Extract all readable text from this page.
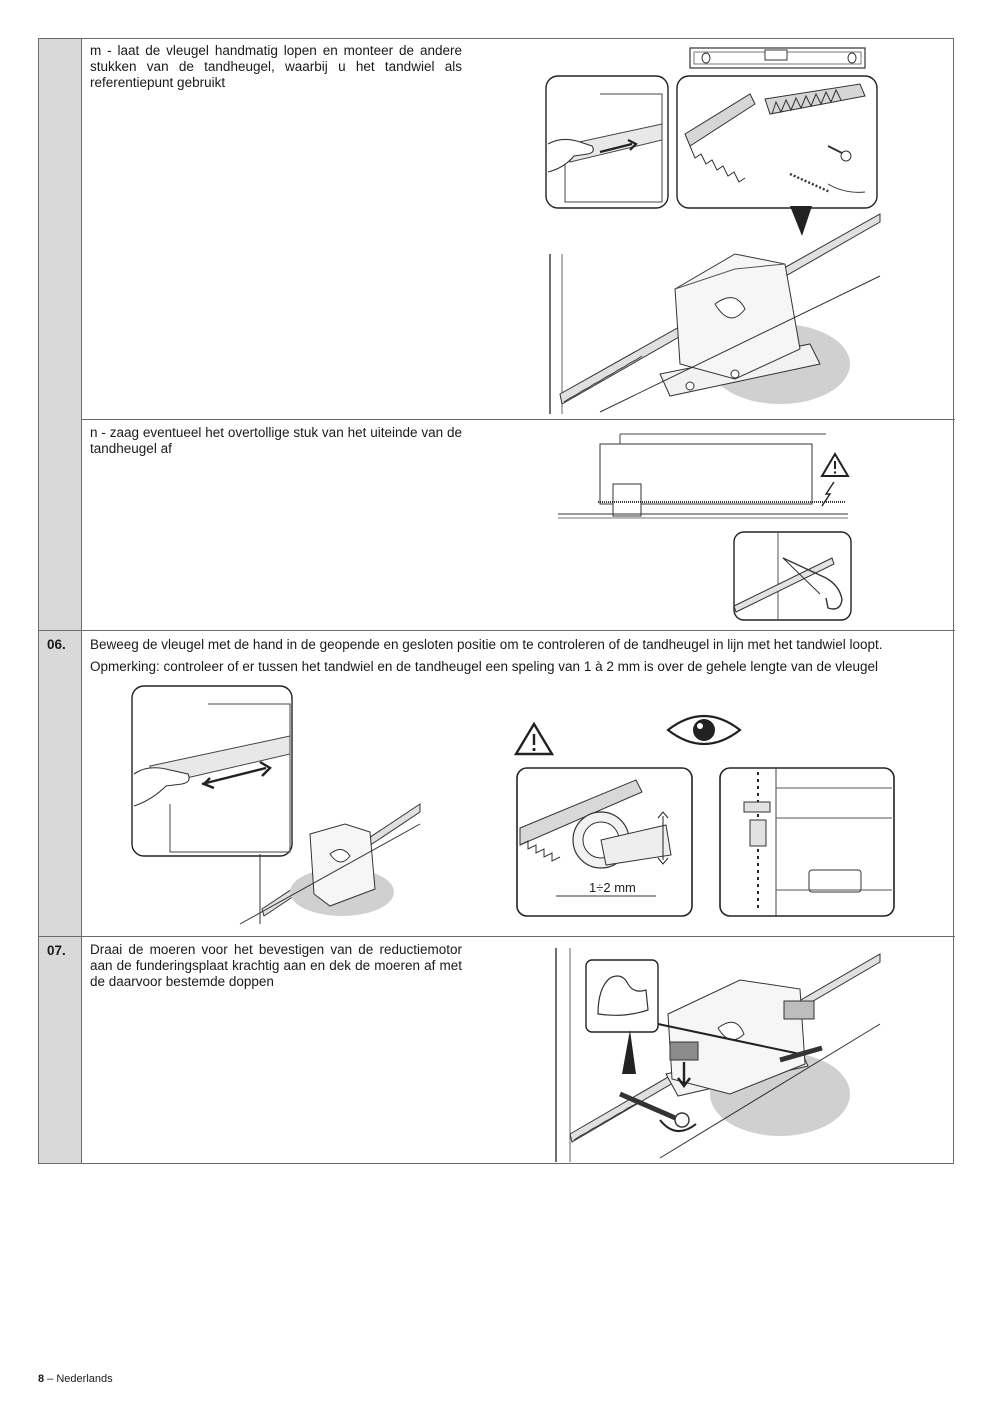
m - laat de vleugel handmatig lopen en monteer de andere stukken van de tandheugel, waarbij u het tandwiel als referentiepunt gebruikt
n - zaag eventueel het overtollige stuk van het uiteinde van de tandheugel af
06. Beweeg de vleugel met de hand in de geopende en gesloten positie om te controleren of de tandheugel in lijn met het tandwiel loopt.
Opmerking: controleer of er tussen het tandwiel en de tandheugel een speling van 1 à 2 mm is over de gehele lengte van de vleugel
07. Draai de moeren voor het bevestigen van de reductiemotor aan de funderingsplaat krachtig aan en dek de moeren af met de daarvoor bestemde doppen
1÷2 mm
8 – Nederlands
